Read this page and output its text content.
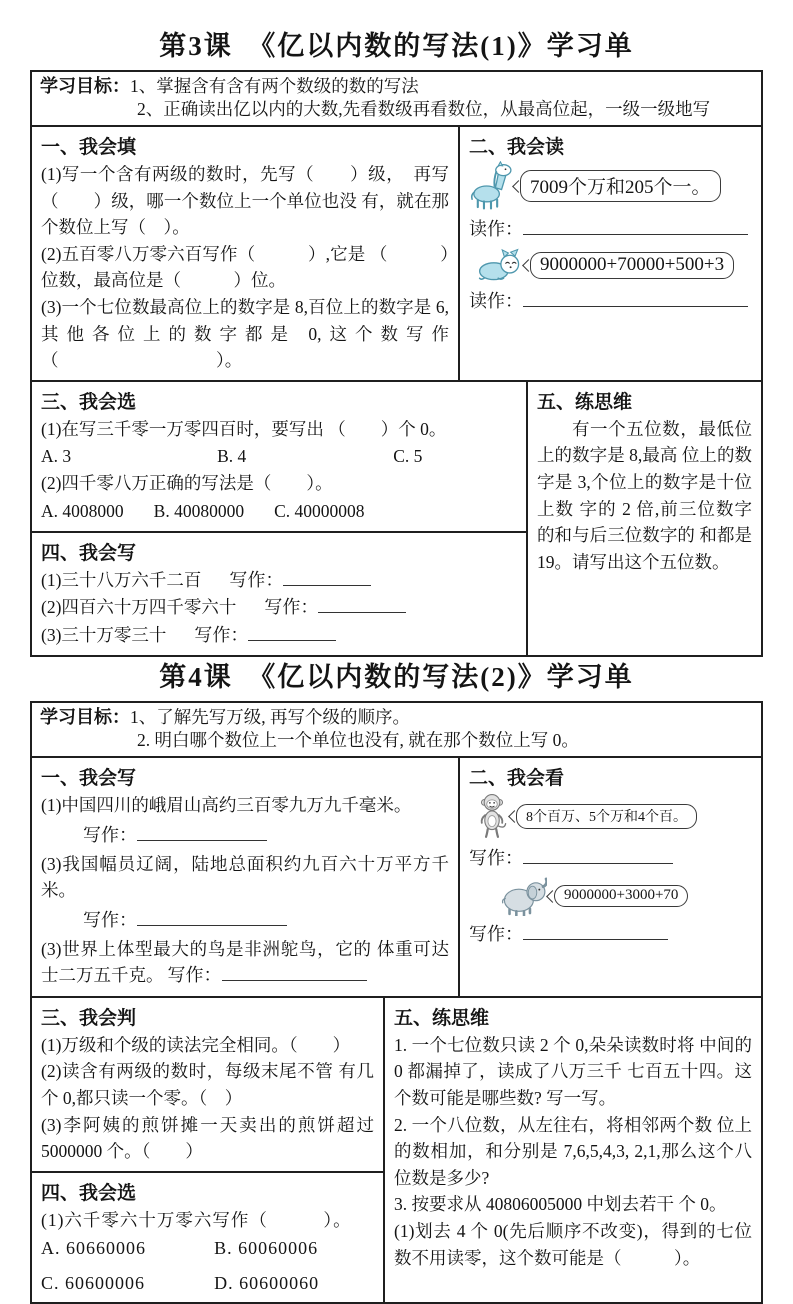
第3课　《亿以内数的写法(1)》学习单
学习目标：1、掌握含有含有两个数级的数的写法
2、正确读出亿以内的大数,先看数级再看数位，从最高位起，一级一级地写
一、我会填
(1)写一个含有两级的数时，先写（　　）级，　再写（　　）级，哪一个数位上一个单位也没 有，就在那个数位上写（　）。
(2)五百零八万零六百写作（　　　）,它是 （　　　）位数，最高位是（　　　）位。
(3)一个七位数最高位上的数字是 8,百位上的数字是 6,其他各位上的数字都是 0,这个数写作（　　　　　　　　　）。
二、我会读
7009个万和205个一。
读作：
9000000+70000+500+3
读作：
三、我会选
(1)在写三千零一万零四百时，要写出 （　　）个 0。
A. 3	B. 4	C. 5
(2)四千零八万正确的写法是（　　）。
A. 4008000 B. 40080000 C. 40000008
四、我会写
(1)三十八万六千二百 写作：
(2)四百六十万四千零六十 写作：
(3)三十万零三十 写作：
五、练思维
有一个五位数，最低位上的数字是 8,最高 位上的数字是 3,个位上的数字是十位上数 字的 2 倍,前三位数字的和与后三位数字的 和都是 19。请写出这个五位数。
第4课　《亿以内数的写法(2)》学习单
学习目标：1、了解先写万级, 再写个级的顺序。
2. 明白哪个数位上一个单位也没有, 就在那个数位上写 0。
一、我会写
(1)中国四川的峨眉山高约三百零九万九千毫米。
写作：
(3)我国幅员辽阔，陆地总面积约九百六十万平方千米。
写作：
(3)世界上体型最大的鸟是非洲鸵鸟，它的 体重可达士二万五千克。 写作：
二、我会看
8个百万、5个万和4个百。
写作：
9000000+3000+70
写作：
三、我会判
(1)万级和个级的读法完全相同。（　　）
(2)读含有两级的数时，每级末尾不管 有几个 0,都只读一个零。（　）
(3)李阿姨的煎饼摊一天卖出的煎饼超过 5000000 个。（　　）
四、我会选
(1)六千零六十万零六写作（　　　）。
A. 60660006	B. 60060006
C. 60600006	D. 60600060
五、练思维
1. 一个七位数只读 2 个 0,朵朵读数时将 中间的 0 都漏掉了，读成了八万三千 七百五十四。这个数可能是哪些数? 写一写。
2. 一个八位数，从左往右，将相邻两个数 位上的数相加，和分别是 7,6,5,4,3, 2,1,那么这个八位数是多少?
3. 按要求从 40806005000 中划去若干 个 0。
(1)划去 4 个 0(先后顺序不改变)，得到的七位数不用读零，这个数可能是（　　　）。
